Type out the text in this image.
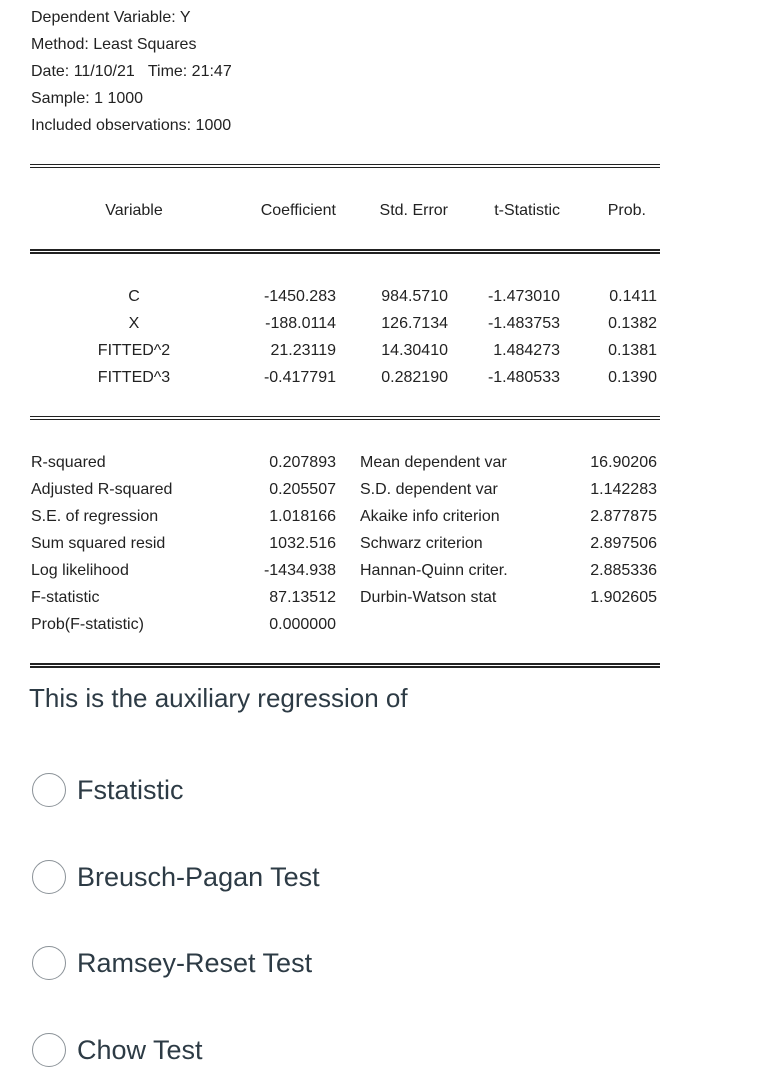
Dependent Variable: Y
Method: Least Squares
Date: 11/10/21   Time: 21:47
Sample: 1 1000
Included observations: 1000
Variable	Coefficient	Std. Error	t-Statistic	Prob.
C	-1450.283	984.5710	-1.473010	0.1411
X	-188.0114	126.7134	-1.483753	0.1382
FITTED^2	21.23119	14.30410	1.484273	0.1381
FITTED^3	-0.417791	0.282190	-1.480533	0.1390
R-squared	0.207893 Mean dependent var	16.90206
Adjusted R-squared	0.205507 S.D. dependent var	1.142283
S.E. of regression	1.018166 Akaike info criterion	2.877875
Sum squared resid	1032.516 Schwarz criterion	2.897506
Log likelihood	-1434.938 Hannan-Quinn criter.	2.885336
F-statistic	87.13512 Durbin-Watson stat	1.902605
Prob(F-statistic)	0.000000
This is the auxiliary regression of
Fstatistic
Breusch-Pagan Test
Ramsey-Reset Test
Chow Test
